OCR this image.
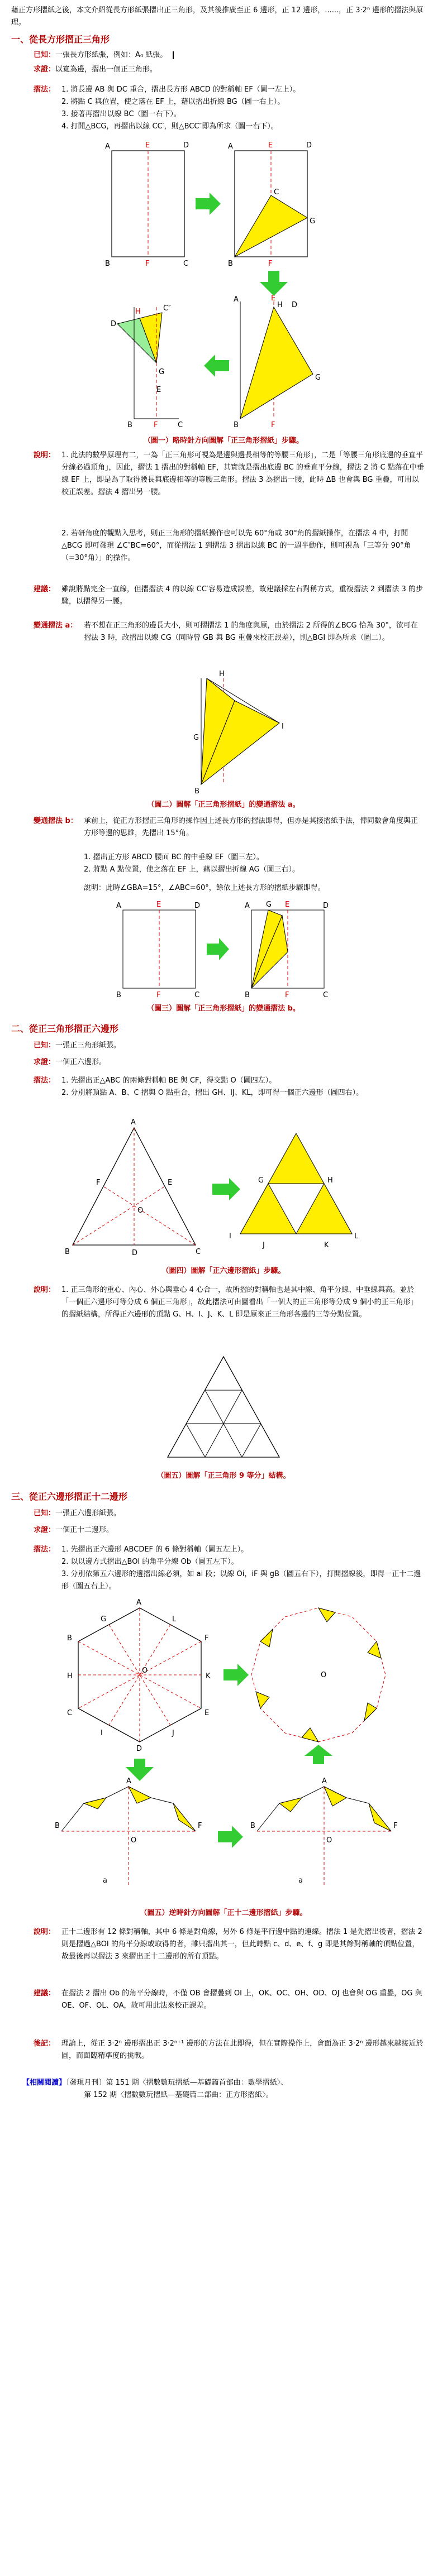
藉正方形摺紙之後，本文介紹從長方形紙張摺出正三角形，及其後推廣至正 6 邊形，正 12 邊形，......，正 3‧2ⁿ 邊形的摺法與原理。
一、從長方形摺正三角形
已知：一張長方形紙張，例如：A₄ 紙張。
求證：以寬為邊，摺出一個正三角形。
摺法： 1. 將長邊 AB 與 DC 重合，摺出長方形 ABCD 的對稱軸 EF（圖一左上）。
2. 將點 C 與位置，使之落在 EF 上，藉以摺出折線 BG（圖一右上）。
3. 接著再摺出以線 BC（圖一右下）。
4. 打開△BCG，再摺出以線 CC′，則△BCC″即為所求（圖一右下）。
A	E	D
B	F	C
A	E	D
B	F
C
G
A	E
H D
B	F
G
D
H	C″
B	F	C
G
E
（圖一）略時針方向圖解「正三角形摺紙」步驟。
說明： 1. 此法的數學原理有二，一為「正三角形可視為是邊與邊長相等的等腰三角形」，二是「等腰三角形底邊的垂直平分線必過頂角」，因此，摺法 1 摺出的對稱軸 EF，其實就是摺出底邊 BC 的垂直平分線，摺法 2 將 C 點落在中垂線 EF 上，即是為了取得腰長與底邊相等的等腰三角形。摺法 3 為摺出一腰，此時 ΔB 也會與 BG 重疊，可用以校正誤差。摺法 4 摺出另一腰。
2. 若研角度的觀點入思考，則正三角形的摺紙操作也可以先 60°角或 30°角的摺紙操作，在摺法 4 中，打開△BCG 即可發現 ∠C″BC=60°，而從摺法 1 到摺法 3 摺出以線 BC 的一週半動作，則可視為「三等分 90°角（=30°角）」的操作。
建議： 雖說將點完全一直線，但摺摺法 4 的以線 CC′容易造成誤差，故建議採左右對稱方式，重複摺法 2 到摺法 3 的步驟，以摺得另一腰。
變通摺法 a： 若不想在正三角形的邊長大小，則可摺摺法 1 的角度與原，由於摺法 2 所得的∠BCG 恰為 30°，欲可在摺法 3 時，改摺出以線 CG（同時曾 GB 與 BG 重疊來校正誤差），則△BGI 即為所求（圖二）。
G
H
I
B
（圖二）圖解「正三角形摺紙」的變通摺法 a。
變通摺法 b： 承前上，從正方形摺正三角形的操作因上述長方形的摺法即得，但亦是其接摺紙手法，俾同數會角度與正方形等邊的思維，先摺出 15°角。
1. 摺出正方形 ABCD 腰面 BC 的中垂線 EF（圖三左）。
2. 將點 A 點位置，使之落在 EF 上，藉以摺出折線 AG（圖三右）。
說明：此時∠GBA=15°，∠ABC=60°，餘依上述長方形的摺紙步驟即得。
A	E	D
B	F	C
A G E	D
B	F	C
（圖三）圖解「正三角形摺紙」的變通摺法 b。
二、從正三角形摺正六邊形
已知：一張正三角形紙張。
求證：一個正六邊形。
摺法： 1. 先摺出正△ABC 的兩條對稱軸 BE 與 CF，得交點 O（圖四左）。
2. 分別將頂點 A、B、C 摺與 O 點重合，摺出 GH、IJ、KL，即可得一個正六邊形（圖四右）。
A
B	C
F	E
O
D
G	H
I	L
J	K
（圖四）圖解「正六邊形摺紙」步驟。
說明： 1. 正三角形的重心、內心、外心與垂心 4 心合一，故所摺的對稱軸也是其中線、角平分線、中垂線與高。並於「一個正六邊形可等分成 6 個正三角形」，故此摺法可由圖看出「一個大的正三角形等分成 9 個小的正三角形」的摺紙結構，所得正六邊形的頂點 G、H、I、J、K、L 即是原來正三角形各邊的三等分點位置。
（圖五）圖解「正三角形 9 等分」結構。
三、從正六邊形摺正十二邊形
已知：一張正六邊形紙張。
求證：一個正十二邊形。
摺法： 1. 先摺出正六邊形 ABCDEF 的 6 條對稱軸（圖五左上）。
2. 以以邊方式摺出△BOI 的角平分線 Ob（圖五左下）。
3. 分別依第五六邊形的邊摺出線必須，如 ai 段；以線 Oi，iF 與 gB（圖五右下），打開摺線後，即得一正十二邊形（圖五右上）。
A
F
E
D
C
B
O
G	L
H	K
I	J
O
B
A
F
O
a
B
A
F
O
a
（圖五）逆時針方向圖解「正十二邊形摺紙」步驟。
說明： 正十二邊形有 12 條對稱軸，其中 6 條是對角線，另外 6 條是平行邊中點的連線。摺法 1 是先摺出後者，摺法 2 則是摺過△BOI 的角平分線或取得的者，雖只摺出其一，但此時點 c、d、e、f、g 即是其餘對稱軸的頂點位置，故最後再以摺法 3 來摺出正十二邊形的所有頂點。
建議： 在摺法 2 摺出 Ob 的角平分線時，不僅 OB 會摺疊到 OI 上，OK、OC、OH、OD、OJ 也會與 OG 重疊，OG 與 OE、OF、OL、OA，故可用此法來校正誤差。
後記： 理論上，從正 3‧2ⁿ 邊形摺出正 3‧2ⁿ⁺¹ 邊形的方法在此即得，但在實際操作上，會面為正 3‧2ⁿ 邊形越來越接近於圓，而面臨精準度的挑戰。
【相關閱讀】〔發現月刊〕第 151 期〈摺數數玩摺紙—基礎篇首部曲：數學摺紙〉、
第 152 期〈摺數數玩摺紙—基礎篇二部曲：正方形摺紙〉。
